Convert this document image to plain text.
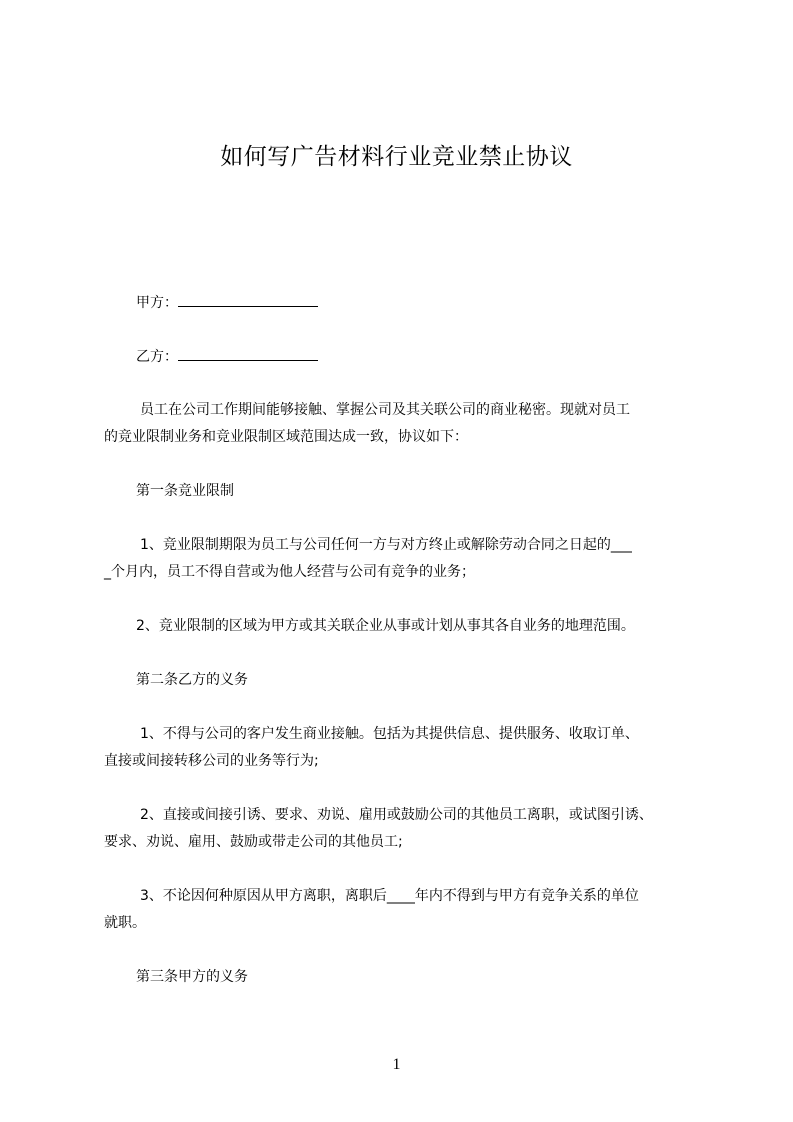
如何写广告材料行业竞业禁止协议
甲方：
乙方：
员工在公司工作期间能够接触、掌握公司及其关联公司的商业秘密。现就对员工
的竞业限制业务和竞业限制区域范围达成一致，协议如下：
第一条竞业限制
1、竞业限制期限为员工与公司任何一方与对方终止或解除劳动合同之日起的___
_个月内，员工不得自营或为他人经营与公司有竞争的业务；
2、竞业限制的区域为甲方或其关联企业从事或计划从事其各自业务的地理范围。
第二条乙方的义务
1、不得与公司的客户发生商业接触。包括为其提供信息、提供服务、收取订单、
直接或间接转移公司的业务等行为;
2、直接或间接引诱、要求、劝说、雇用或鼓励公司的其他员工离职，或试图引诱、
要求、劝说、雇用、鼓励或带走公司的其他员工;
3、不论因何种原因从甲方离职，离职后____年内不得到与甲方有竞争关系的单位
就职。
第三条甲方的义务
1
